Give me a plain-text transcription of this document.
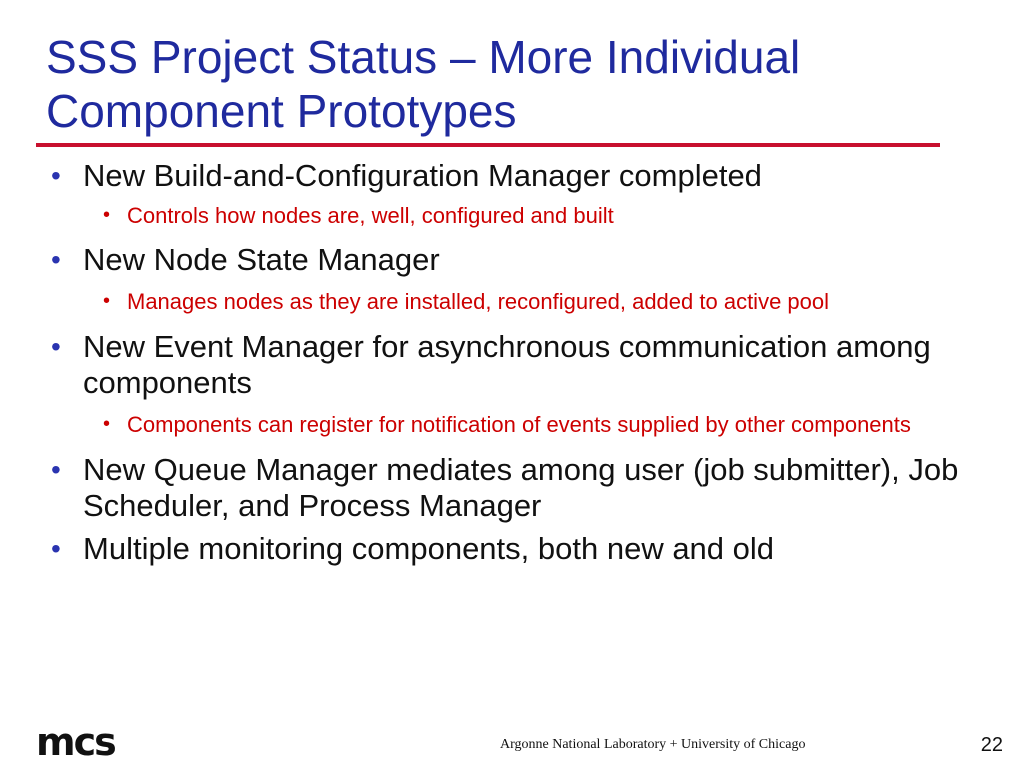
SSS Project Status – More Individual Component Prototypes
• New Build-and-Configuration Manager completed
• Controls how nodes are, well, configured and built
• New Node State Manager
• Manages nodes as they are installed, reconfigured, added to active pool
• New Event Manager for asynchronous communication among components
• Components can register for notification of events supplied by other components
• New Queue Manager mediates among user (job submitter), Job Scheduler, and Process Manager
• Multiple monitoring components, both new and old
mcs	Argonne National Laboratory + University of Chicago	22
